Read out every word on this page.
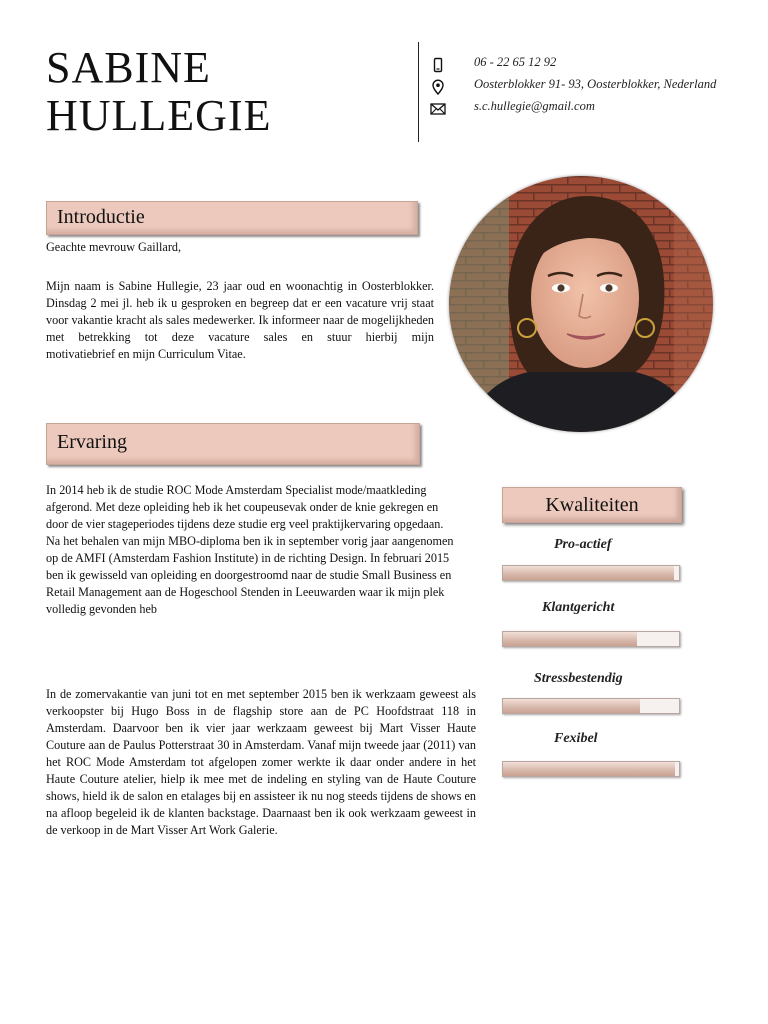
SABINE
HULLEGIE
06 - 22 65 12 92
Oosterblokker 91- 93, Oosterblokker, Nederland
s.c.hullegie@gmail.com
Introductie
Geachte mevrouw Gaillard,
Mijn naam is Sabine Hullegie, 23 jaar oud en woonachtig in Oosterblokker. Dinsdag 2 mei jl. heb ik u gesproken en begreep dat er een vacature vrij staat voor vakantie kracht als sales medewerker. Ik informeer naar de mogelijkheden met betrekking tot deze vacature sales en stuur hierbij mijn
motivatiebrief en mijn Curriculum Vitae.
Ervaring
In 2014 heb ik de studie ROC Mode Amsterdam Specialist mode/maatkleding afgerond. Met deze opleiding heb ik het coupeusevak onder de knie gekregen en door de vier stageperiodes tijdens deze studie erg veel praktijkervaring opgedaan. Na het behalen van mijn MBO-diploma ben ik in september vorig jaar aangenomen op de AMFI (Amsterdam Fashion Institute) in de richting Design. In februari 2015 ben ik gewisseld van opleiding en doorgestroomd naar de studie Small Business en Retail Management aan de Hogeschool Stenden in Leeuwarden waar ik mijn plek volledig gevonden heb
In de zomervakantie van juni tot en met september 2015 ben ik werkzaam geweest als verkoopster bij Hugo Boss in de flagship store aan de PC Hoofdstraat 118 in Amsterdam. Daarvoor ben ik vier jaar werkzaam geweest bij Mart Visser Haute Couture aan de Paulus Potterstraat 30 in Amsterdam. Vanaf mijn tweede jaar (2011) van het ROC Mode Amsterdam tot afgelopen zomer werkte ik daar onder andere in het Haute Couture atelier, hielp ik mee met de indeling en styling van de Haute Couture shows, hield ik de salon en etalages bij en assisteer ik nu nog steeds tijdens de shows en na afloop begeleid ik de klanten backstage. Daarnaast ben ik ook werkzaam geweest in de verkoop in de Mart Visser Art Work Galerie.
Kwaliteiten
Pro-actief
Klantgericht
Stressbestendig
Fexibel
